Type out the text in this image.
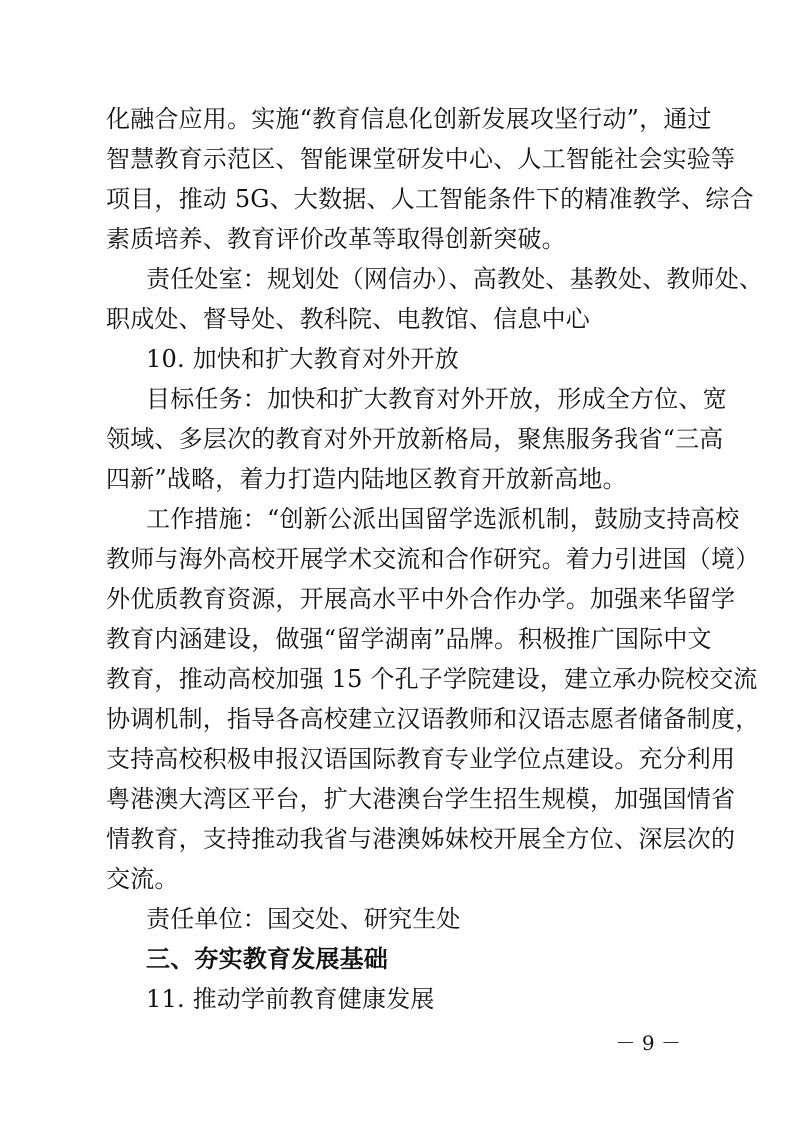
化融合应用。实施“教育信息化创新发展攻坚行动”，通过
智慧教育示范区、智能课堂研发中心、人工智能社会实验等
项目，推动 5G、大数据、人工智能条件下的精准教学、综合
素质培养、教育评价改革等取得创新突破。
责任处室：规划处（网信办）、高教处、基教处、教师处、
职成处、督导处、教科院、电教馆、信息中心
10. 加快和扩大教育对外开放
目标任务：加快和扩大教育对外开放，形成全方位、宽
领域、多层次的教育对外开放新格局，聚焦服务我省“三高
四新”战略，着力打造内陆地区教育开放新高地。
工作措施：“创新公派出国留学选派机制，鼓励支持高校
教师与海外高校开展学术交流和合作研究。着力引进国（境）
外优质教育资源，开展高水平中外合作办学。加强来华留学
教育内涵建设，做强“留学湖南”品牌。积极推广国际中文
教育，推动高校加强 15 个孔子学院建设，建立承办院校交流
协调机制，指导各高校建立汉语教师和汉语志愿者储备制度，
支持高校积极申报汉语国际教育专业学位点建设。充分利用
粤港澳大湾区平台，扩大港澳台学生招生规模，加强国情省
情教育，支持推动我省与港澳姊妹校开展全方位、深层次的
交流。
责任单位：国交处、研究生处
三、夯实教育发展基础
11. 推动学前教育健康发展
－ 9 －
